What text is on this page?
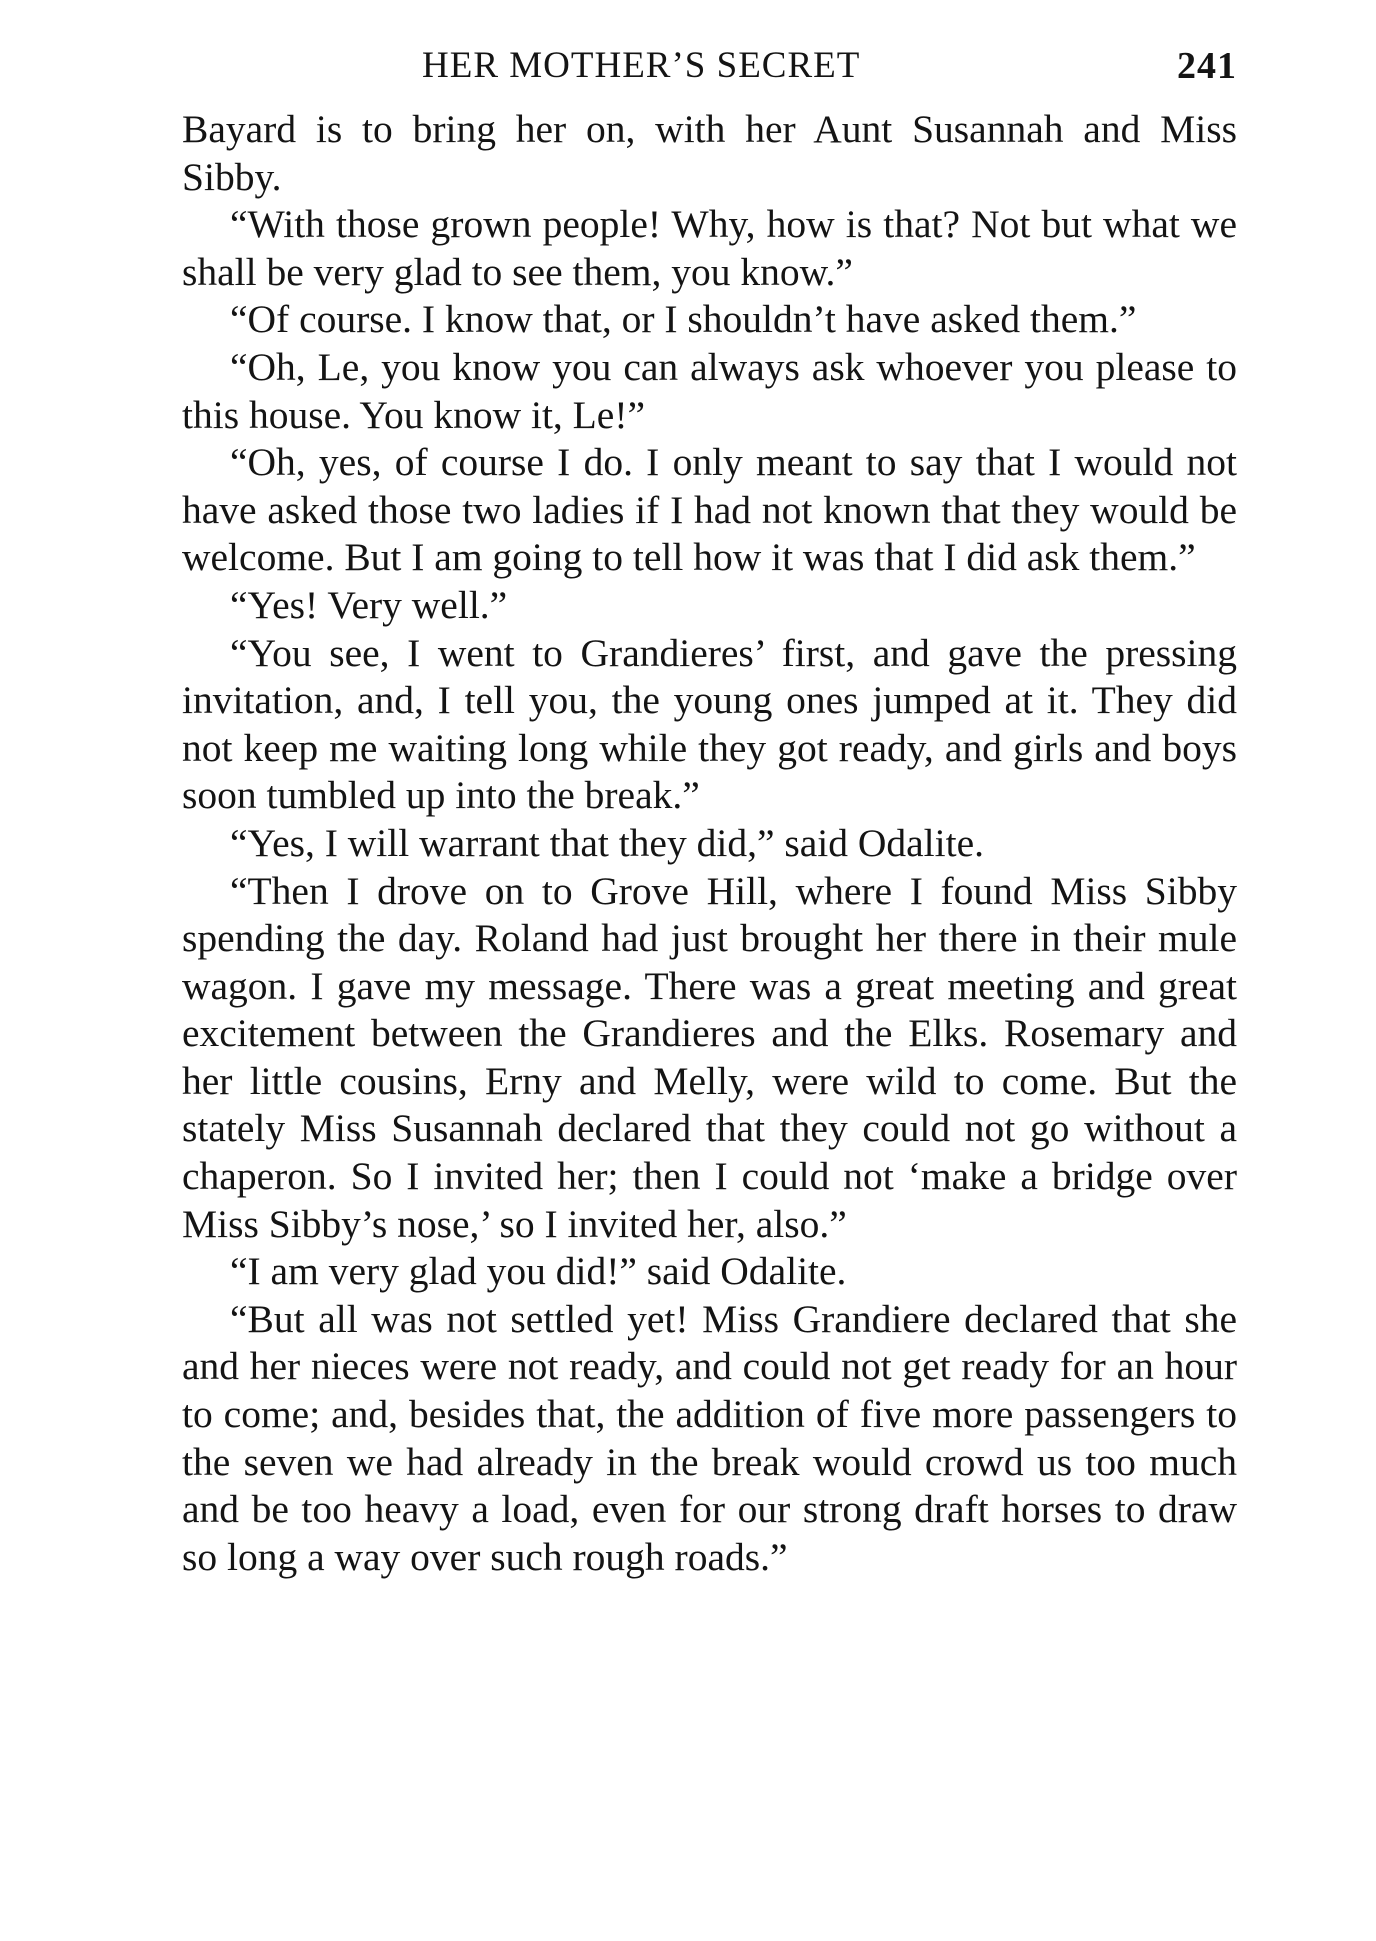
HER MOTHER’S SECRET	241

Bayard is to bring her on, with her Aunt Susannah and Miss Sibby.

“With those grown people! Why, how is that? Not but what we shall be very glad to see them, you know.”

“Of course. I know that, or I shouldn’t have asked them.”

“Oh, Le, you know you can always ask whoever you please to this house. You know it, Le!”

“Oh, yes, of course I do. I only meant to say that I would not have asked those two ladies if I had not known that they would be welcome. But I am going to tell how it was that I did ask them.”

“Yes! Very well.”

“You see, I went to Grandieres’ first, and gave the pressing invitation, and, I tell you, the young ones jumped at it. They did not keep me waiting long while they got ready, and girls and boys soon tumbled up into the break.”

“Yes, I will warrant that they did,” said Odalite.

“Then I drove on to Grove Hill, where I found Miss Sibby spending the day. Roland had just brought her there in their mule wagon. I gave my message. There was a great meeting and great excitement between the Grandieres and the Elks. Rosemary and her little cousins, Erny and Melly, were wild to come. But the stately Miss Susannah declared that they could not go without a chaperon. So I invited her; then I could not ‘make a bridge over Miss Sibby’s nose,’ so I invited her, also.”

“I am very glad you did!” said Odalite.

“But all was not settled yet! Miss Grandiere declared that she and her nieces were not ready, and could not get ready for an hour to come; and, besides that, the addition of five more passengers to the seven we had already in the break would crowd us too much and be too heavy a load, even for our strong draft horses to draw so long a way over such rough roads.”
